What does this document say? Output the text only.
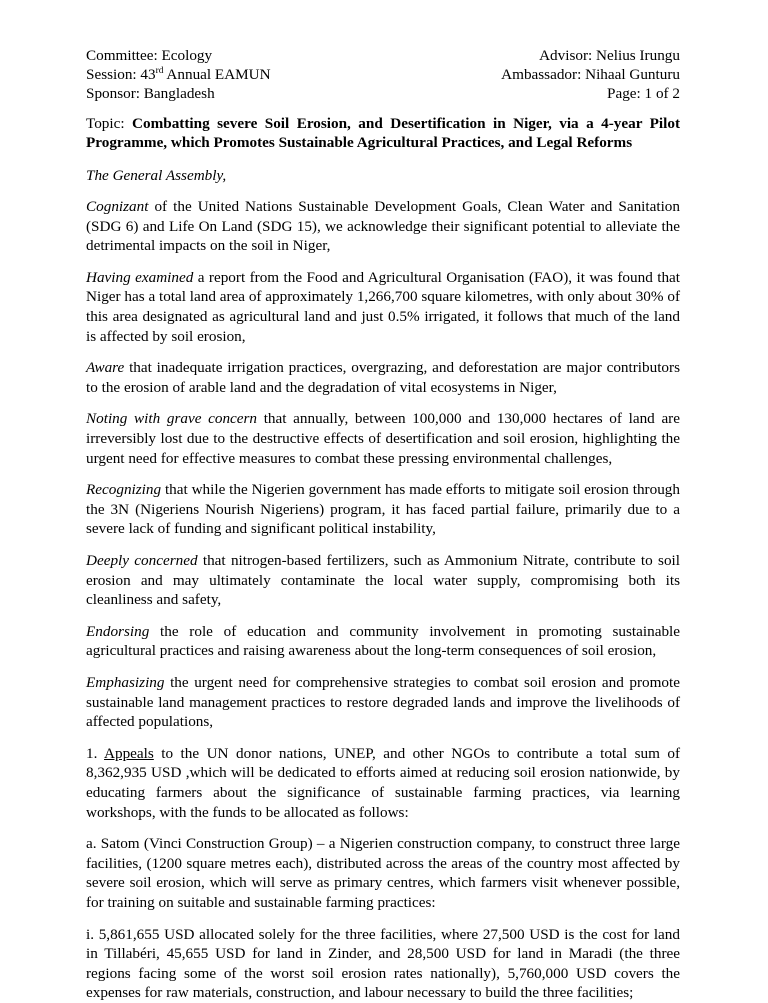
Committee: Ecology
Session: 43rd Annual EAMUN
Sponsor: Bangladesh
Advisor: Nelius Irungu
Ambassador: Nihaal Gunturu
Page: 1 of 2
Topic: Combatting severe Soil Erosion, and Desertification in Niger, via a 4-year Pilot Programme, which Promotes Sustainable Agricultural Practices, and Legal Reforms
The General Assembly,
Cognizant of the United Nations Sustainable Development Goals, Clean Water and Sanitation (SDG 6) and Life On Land (SDG 15), we acknowledge their significant potential to alleviate the detrimental impacts on the soil in Niger,
Having examined a report from the Food and Agricultural Organisation (FAO), it was found that Niger has a total land area of approximately 1,266,700 square kilometres, with only about 30% of this area designated as agricultural land and just 0.5% irrigated, it follows that much of the land is affected by soil erosion,
Aware that inadequate irrigation practices, overgrazing, and deforestation are major contributors to the erosion of arable land and the degradation of vital ecosystems in Niger,
Noting with grave concern that annually, between 100,000 and 130,000 hectares of land are irreversibly lost due to the destructive effects of desertification and soil erosion, highlighting the urgent need for effective measures to combat these pressing environmental challenges,
Recognizing that while the Nigerien government has made efforts to mitigate soil erosion through the 3N (Nigeriens Nourish Nigeriens) program, it has faced partial failure, primarily due to a severe lack of funding and significant political instability,
Deeply concerned that nitrogen-based fertilizers, such as Ammonium Nitrate, contribute to soil erosion and may ultimately contaminate the local water supply, compromising both its cleanliness and safety,
Endorsing the role of education and community involvement in promoting sustainable agricultural practices and raising awareness about the long-term consequences of soil erosion,
Emphasizing the urgent need for comprehensive strategies to combat soil erosion and promote sustainable land management practices to restore degraded lands and improve the livelihoods of affected populations,
1. Appeals to the UN donor nations, UNEP, and other NGOs to contribute a total sum of 8,362,935 USD ,which will be dedicated to efforts aimed at reducing soil erosion nationwide, by educating farmers about the significance of sustainable farming practices, via learning workshops, with the funds to be allocated as follows:
a. Satom (Vinci Construction Group) – a Nigerien construction company, to construct three large facilities, (1200 square metres each), distributed across the areas of the country most affected by severe soil erosion, which will serve as primary centres, which farmers visit whenever possible, for training on suitable and sustainable farming practices:
i. 5,861,655 USD allocated solely for the three facilities, where 27,500 USD is the cost for land in Tillabéri, 45,655 USD for land in Zinder, and 28,500 USD for land in Maradi (the three regions facing some of the worst soil erosion rates nationally), 5,760,000 USD covers the expenses for raw materials, construction, and labour necessary to build the three facilities;
